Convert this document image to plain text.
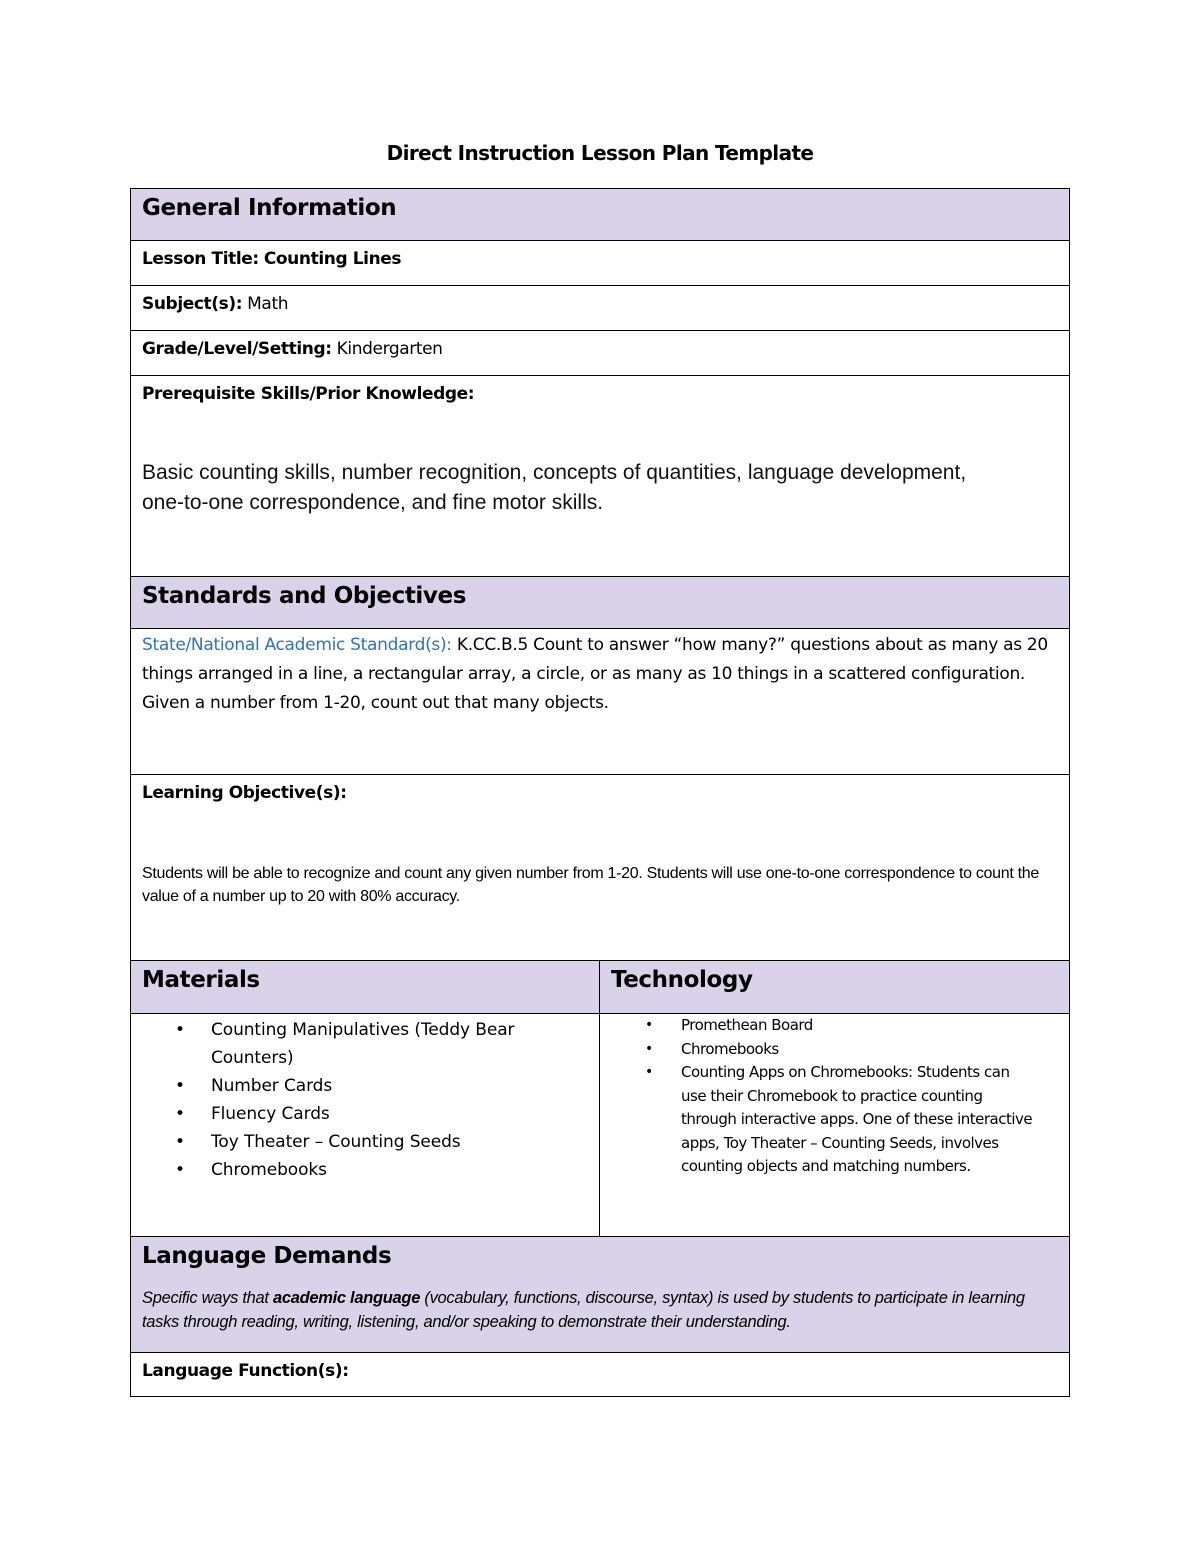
Direct Instruction Lesson Plan Template
General Information
Lesson Title: Counting Lines
Subject(s): Math
Grade/Level/Setting: Kindergarten
Prerequisite Skills/Prior Knowledge:
Basic counting skills, number recognition, concepts of quantities, language development, one-to-one correspondence, and fine motor skills.
Standards and Objectives
State/National Academic Standard(s): K.CC.B.5 Count to answer “how many?” questions about as many as 20 things arranged in a line, a rectangular array, a circle, or as many as 10 things in a scattered configuration. Given a number from 1-20, count out that many objects.
Learning Objective(s):
Students will be able to recognize and count any given number from 1-20. Students will use one-to-one correspondence to count the value of a number up to 20 with 80% accuracy.
Materials	Technology
• Counting Manipulatives (Teddy Bear Counters)
• Number Cards
• Fluency Cards
• Toy Theater – Counting Seeds
• Chromebooks
• Promethean Board
• Chromebooks
• Counting Apps on Chromebooks: Students can use their Chromebook to practice counting through interactive apps. One of these interactive apps, Toy Theater – Counting Seeds, involves counting objects and matching numbers.
Language Demands
Specific ways that academic language (vocabulary, functions, discourse, syntax) is used by students to participate in learning tasks through reading, writing, listening, and/or speaking to demonstrate their understanding.
Language Function(s):
